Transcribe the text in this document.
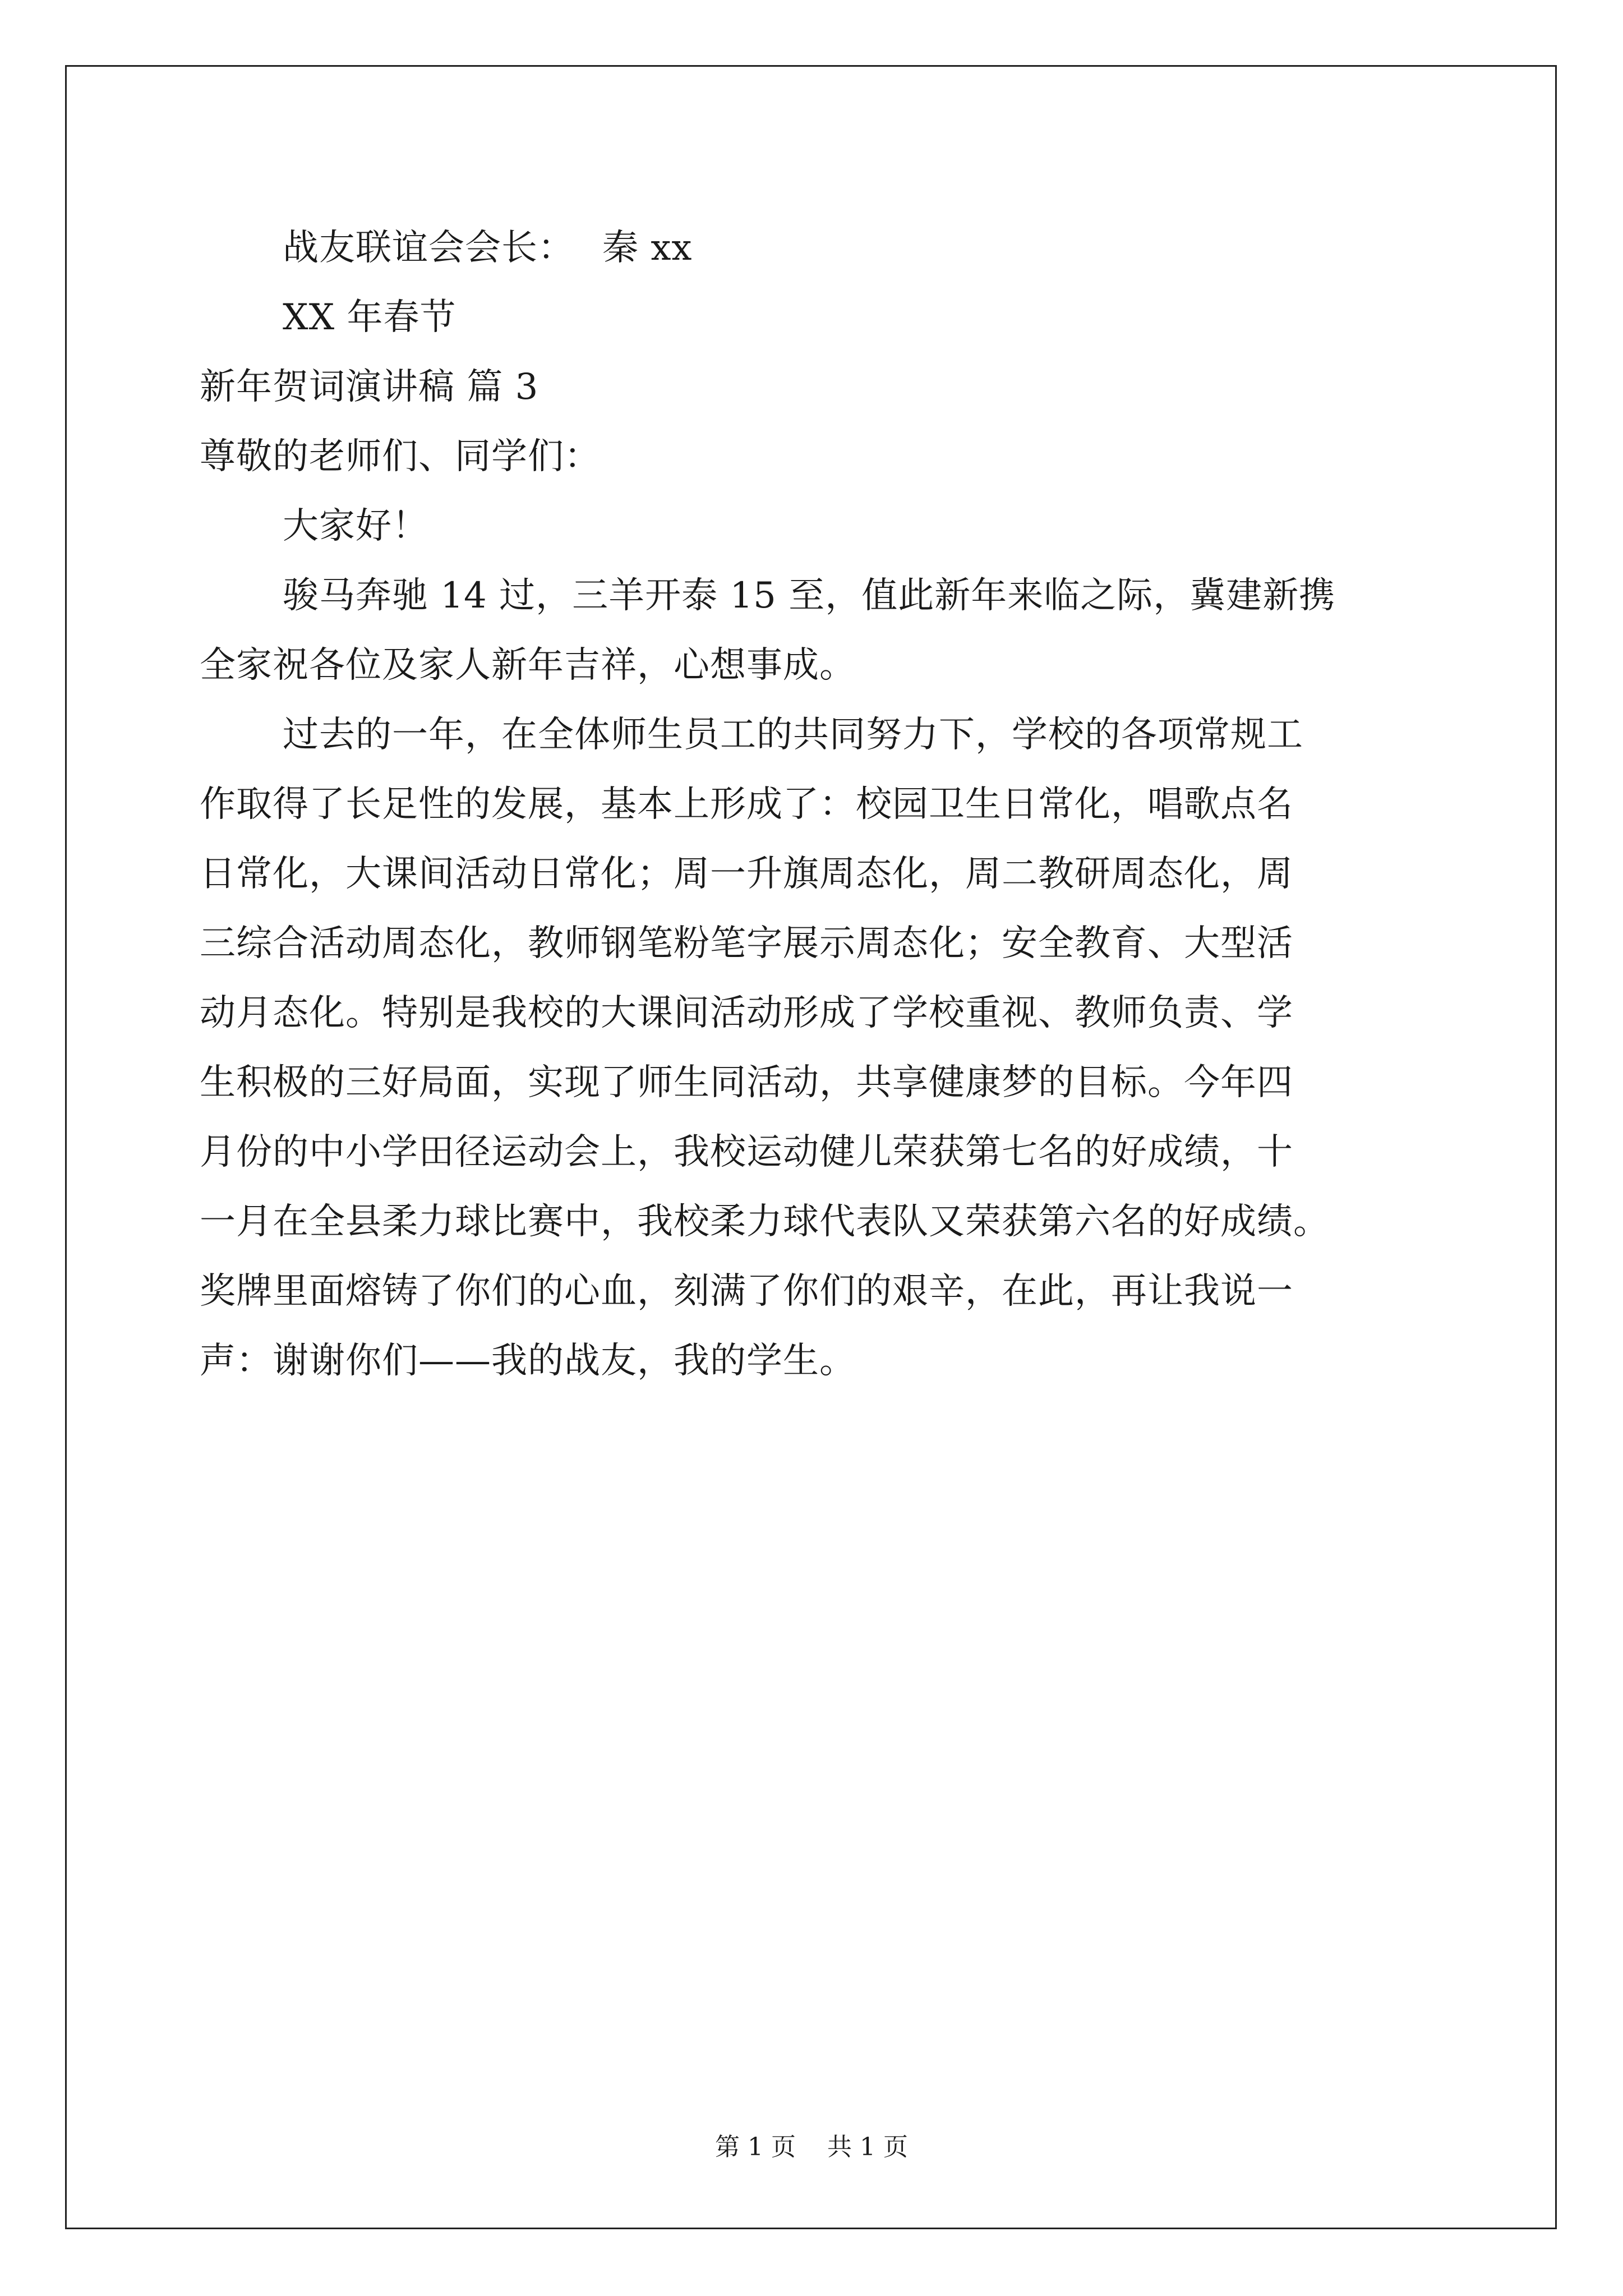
战友联谊会会长： 秦 xx
XX 年春节
新年贺词演讲稿 篇 3
尊敬的老师们、同学们：
大家好！
骏马奔驰 14 过，三羊开泰 15 至，值此新年来临之际，冀建新携
全家祝各位及家人新年吉祥，心想事成。
过去的一年，在全体师生员工的共同努力下，学校的各项常规工
作取得了长足性的发展，基本上形成了：校园卫生日常化，唱歌点名
日常化，大课间活动日常化；周一升旗周态化，周二教研周态化，周
三综合活动周态化，教师钢笔粉笔字展示周态化；安全教育、大型活
动月态化。特别是我校的大课间活动形成了学校重视、教师负责、学
生积极的三好局面，实现了师生同活动，共享健康梦的目标。今年四
月份的中小学田径运动会上，我校运动健儿荣获第七名的好成绩，十
一月在全县柔力球比赛中，我校柔力球代表队又荣获第六名的好成绩。
奖牌里面熔铸了你们的心血，刻满了你们的艰辛，在此，再让我说一
声：谢谢你们——我的战友，我的学生。
第 1 页 共 1 页
